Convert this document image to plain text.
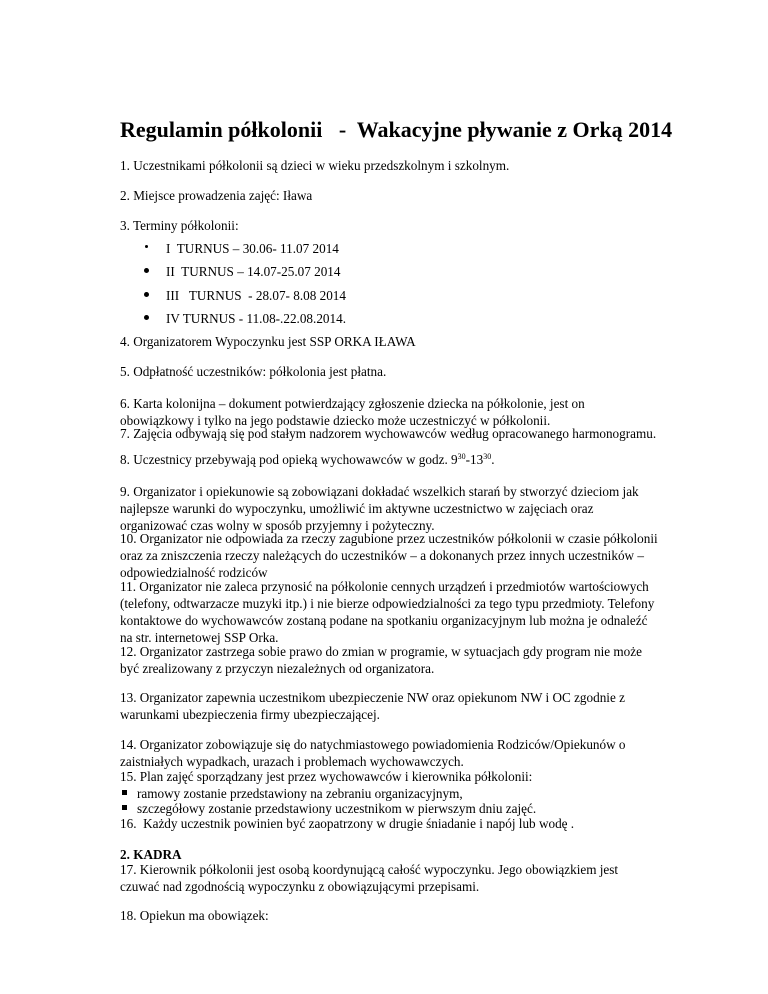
Regulamin półkolonii   -  Wakacyjne pływanie z Orką 2014

1. Uczestnikami półkolonii są dzieci w wieku przedszkolnym i szkolnym.

2. Miejsce prowadzenia zajęć: Iława

3. Terminy półkolonii:

I  TURNUS – 30.06- 11.07 2014

II  TURNUS – 14.07-25.07 2014

III   TURNUS  - 28.07- 8.08 2014

IV TURNUS - 11.08-.22.08.2014.

4. Organizatorem Wypoczynku jest SSP ORKA IŁAWA

5. Odpłatność uczestników: półkolonia jest płatna.

6. Karta kolonijna – dokument potwierdzający zgłoszenie dziecka na półkolonie, jest on obowiązkowy i tylko na jego podstawie dziecko może uczestniczyć w półkolonii.

7. Zajęcia odbywają się pod stałym nadzorem wychowawców według opracowanego harmonogramu.

8. Uczestnicy przebywają pod opieką wychowawców w godz. $9^{30}-13^{30}$.

9. Organizator i opiekunowie są zobowiązani dokładać wszelkich starań by stworzyć dzieciom jak najlepsze warunki do wypoczynku, umożliwić im aktywne uczestnictwo w zajęciach oraz organizować czas wolny w sposób przyjemny i pożyteczny.

10. Organizator nie odpowiada za rzeczy zagubione przez uczestników półkolonii w czasie półkolonii oraz za zniszczenia rzeczy należących do uczestników – a dokonanych przez innych uczestników – odpowiedzialność rodziców

11. Organizator nie zaleca przynosić na półkolonie cennych urządzeń i przedmiotów wartościowych (telefony, odtwarzacze muzyki itp.) i nie bierze odpowiedzialności za tego typu przedmioty. Telefony kontaktowe do wychowawców zostaną podane na spotkaniu organizacyjnym lub można je odnaleźć na str. internetowej SSP Orka.

12. Organizator zastrzega sobie prawo do zmian w programie, w sytuacjach gdy program nie może być zrealizowany z przyczyn niezależnych od organizatora.

13. Organizator zapewnia uczestnikom ubezpieczenie NW oraz opiekunom NW i OC zgodnie z warunkami ubezpieczenia firmy ubezpieczającej.

14. Organizator zobowiązuje się do natychmiastowego powiadomienia Rodziców/Opiekunów o zaistniałych wypadkach, urazach i problemach wychowawczych.

15. Plan zajęć sporządzany jest przez wychowawców i kierownika półkolonii:

ramowy zostanie przedstawiony na zebraniu organizacyjnym,

szczegółowy zostanie przedstawiony uczestnikom w pierwszym dniu zajęć.

16.  Każdy uczestnik powinien być zaopatrzony w drugie śniadanie i napój lub wodę .

2. KADRA

17. Kierownik półkolonii jest osobą koordynującą całość wypoczynku. Jego obowiązkiem jest czuwać nad zgodnością wypoczynku z obowiązującymi przepisami.

18. Opiekun ma obowiązek:
